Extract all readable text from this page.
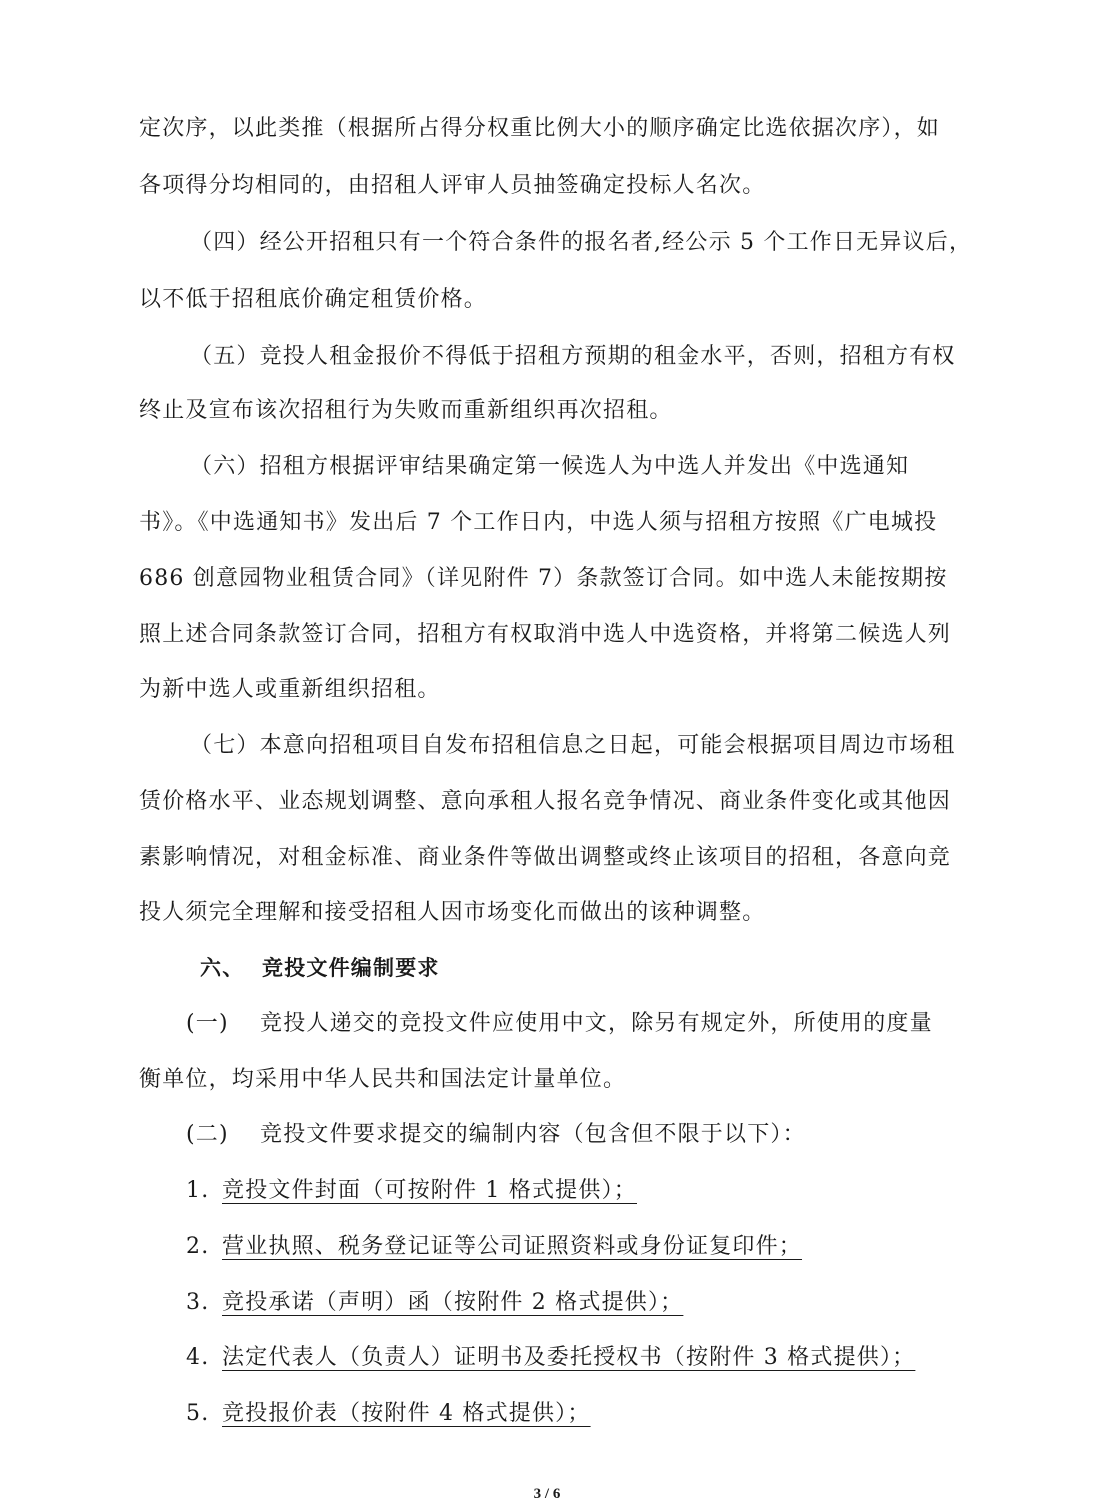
定次序，以此类推（根据所占得分权重比例大小的顺序确定比选依据次序），如
各项得分均相同的，由招租人评审人员抽签确定投标人名次。
（四）经公开招租只有一个符合条件的报名者,经公示 5 个工作日无异议后，
以不低于招租底价确定租赁价格。
（五）竞投人租金报价不得低于招租方预期的租金水平，否则，招租方有权
终止及宣布该次招租行为失败而重新组织再次招租。
（六）招租方根据评审结果确定第一候选人为中选人并发出《中选通知
书》。《中选通知书》发出后 7 个工作日内，中选人须与招租方按照《广电城投
686 创意园物业租赁合同》（详见附件 7）条款签订合同。如中选人未能按期按
照上述合同条款签订合同，招租方有权取消中选人中选资格，并将第二候选人列
为新中选人或重新组织招租。
（七）本意向招租项目自发布招租信息之日起，可能会根据项目周边市场租
赁价格水平、业态规划调整、意向承租人报名竞争情况、商业条件变化或其他因
素影响情况，对租金标准、商业条件等做出调整或终止该项目的招租，各意向竞
投人须完全理解和接受招租人因市场变化而做出的该种调整。
六、 竞投文件编制要求
(一) 竞投人递交的竞投文件应使用中文，除另有规定外，所使用的度量
衡单位，均采用中华人民共和国法定计量单位。
(二) 竞投文件要求提交的编制内容（包含但不限于以下）：
1. 竞投文件封面（可按附件 1 格式提供）；
2. 营业执照、税务登记证等公司证照资料或身份证复印件；
3. 竞投承诺（声明）函（按附件 2 格式提供）；
4. 法定代表人（负责人）证明书及委托授权书（按附件 3 格式提供）；
5. 竞投报价表（按附件 4 格式提供）；
3 / 6
